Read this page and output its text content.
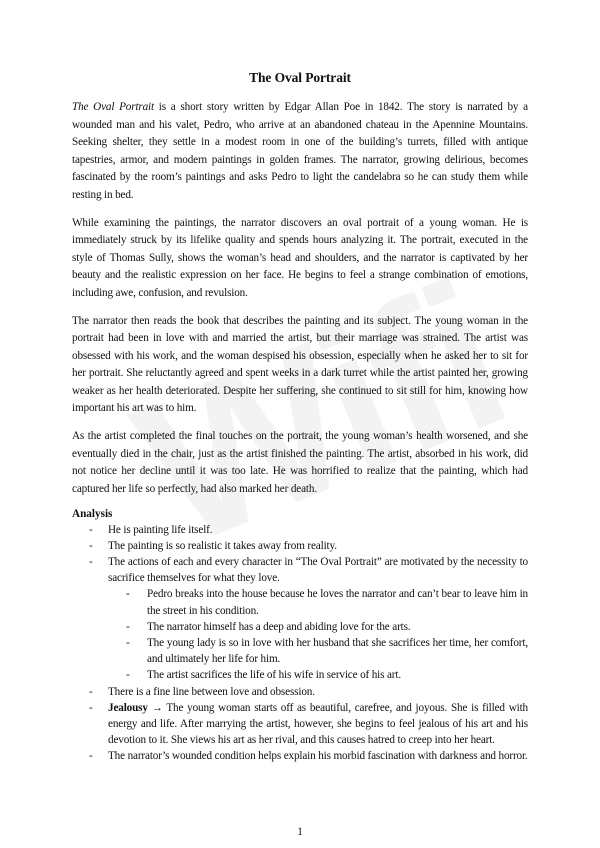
The Oval Portrait

The Oval Portrait is a short story written by Edgar Allan Poe in 1842. The story is narrated by a wounded man and his valet, Pedro, who arrive at an abandoned chateau in the Apennine Mountains. Seeking shelter, they settle in a modest room in one of the building’s turrets, filled with antique tapestries, armor, and modern paintings in golden frames. The narrator, growing delirious, becomes fascinated by the room’s paintings and asks Pedro to light the candelabra so he can study them while resting in bed.

While examining the paintings, the narrator discovers an oval portrait of a young woman. He is immediately struck by its lifelike quality and spends hours analyzing it. The portrait, executed in the style of Thomas Sully, shows the woman’s head and shoulders, and the narrator is captivated by her beauty and the realistic expression on her face. He begins to feel a strange combination of emotions, including awe, confusion, and revulsion.

The narrator then reads the book that describes the painting and its subject. The young woman in the portrait had been in love with and married the artist, but their marriage was strained. The artist was obsessed with his work, and the woman despised his obsession, especially when he asked her to sit for her portrait. She reluctantly agreed and spent weeks in a dark turret while the artist painted her, growing weaker as her health deteriorated. Despite her suffering, she continued to sit still for him, knowing how important his art was to him.

As the artist completed the final touches on the portrait, the young woman’s health worsened, and she eventually died in the chair, just as the artist finished the painting. The artist, absorbed in his work, did not notice her decline until it was too late. He was horrified to realize that the painting, which had captured her life so perfectly, had also marked her death.

Analysis
- He is painting life itself.
- The painting is so realistic it takes away from reality.
- The actions of each and every character in “The Oval Portrait” are motivated by the necessity to sacrifice themselves for what they love.
- Pedro breaks into the house because he loves the narrator and can’t bear to leave him in the street in his condition.
- The narrator himself has a deep and abiding love for the arts.
- The young lady is so in love with her husband that she sacrifices her time, her comfort, and ultimately her life for him.
- The artist sacrifices the life of his wife in service of his art.
- There is a fine line between love and obsession.
- Jealousy → The young woman starts off as beautiful, carefree, and joyous. She is filled with energy and life. After marrying the artist, however, she begins to feel jealous of his art and his devotion to it. She views his art as her rival, and this causes hatred to creep into her heart.
- The narrator’s wounded condition helps explain his morbid fascination with darkness and horror.
1
